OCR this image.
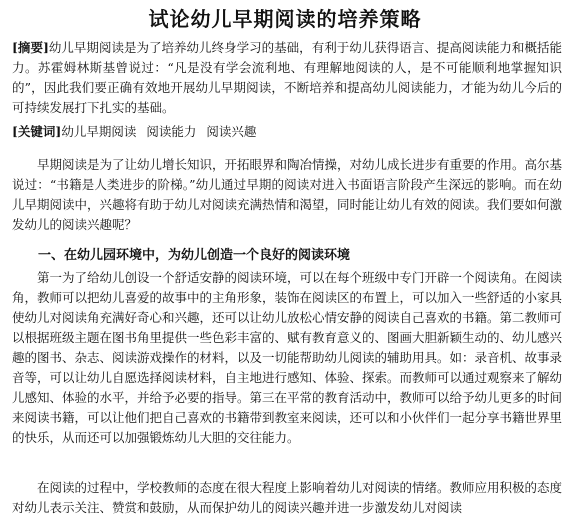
试论幼儿早期阅读的培养策略
[摘要]幼儿早期阅读是为了培养幼儿终身学习的基础，有利于幼儿获得语言、提高阅读能力和概括能力。苏霍姆林斯基曾说过：“凡是没有学会流利地、有理解地阅读的人，是不可能顺利地掌握知识的”，因此我们要正确有效地开展幼儿早期阅读，不断培养和提高幼儿阅读能力，才能为幼儿今后的可持续发展打下扎实的基础。
[关键词]幼儿早期阅读 阅读能力 阅读兴趣
早期阅读是为了让幼儿增长知识，开拓眼界和陶冶情操，对幼儿成长进步有重要的作用。高尔基说过：“书籍是人类进步的阶梯。”幼儿通过早期的阅读对进入书面语言阶段产生深远的影响。而在幼儿早期阅读中，兴趣将有助于幼儿对阅读充满热情和渴望，同时能让幼儿有效的阅读。我们要如何激发幼儿的阅读兴趣呢？
一、在幼儿园环境中，为幼儿创造一个良好的阅读环境
第一为了给幼儿创设一个舒适安静的阅读环境，可以在每个班级中专门开辟一个阅读角。在阅读角，教师可以把幼儿喜爱的故事中的主角形象，装饰在阅读区的布置上，可以加入一些舒适的小家具使幼儿对阅读角充满好奇心和兴趣，还可以让幼儿放松心情安静的阅读自己喜欢的书籍。第二教师可以根据班级主题在图书角里提供一些色彩丰富的、赋有教育意义的、图画大胆新颖生动的、幼儿感兴趣的图书、杂志、阅读游戏操作的材料，以及一切能帮助幼儿阅读的辅助用具。如：录音机、故事录音等，可以让幼儿自愿选择阅读材料，自主地进行感知、体验、探索。而教师可以通过观察来了解幼儿感知、体验的水平，并给予必要的指导。第三在平常的教育活动中，教师可以给予幼儿更多的时间来阅读书籍，可以让他们把自己喜欢的书籍带到教室来阅读，还可以和小伙伴们一起分享书籍世界里的快乐，从而还可以加强锻炼幼儿大胆的交往能力。
在阅读的过程中，学校教师的态度在很大程度上影响着幼儿对阅读的情绪。教师应用积极的态度对幼儿表示关注、赞赏和鼓励，从而保护幼儿的阅读兴趣并进一步激发幼儿对阅读
